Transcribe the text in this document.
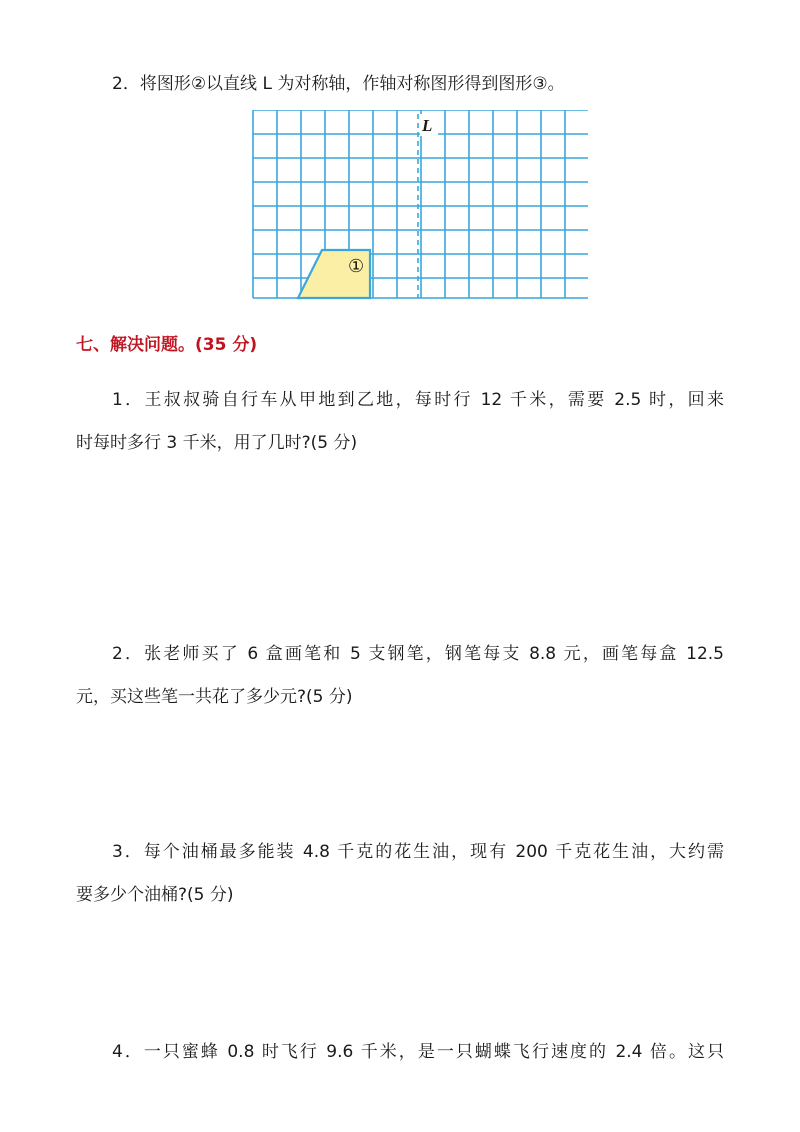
2．将图形②以直线 L 为对称轴，作轴对称图形得到图形③。
L
①
七、解决问题。(35 分)
1．王叔叔骑自行车从甲地到乙地，每时行 12 千米，需要 2.5 时，回来
时每时多行 3 千米，用了几时?(5 分)
2．张老师买了 6 盒画笔和 5 支钢笔，钢笔每支 8.8 元，画笔每盒 12.5
元，买这些笔一共花了多少元?(5 分)
3．每个油桶最多能装 4.8 千克的花生油，现有 200 千克花生油，大约需
要多少个油桶?(5 分)
4．一只蜜蜂 0.8 时飞行 9.6 千米，是一只蝴蝶飞行速度的 2.4 倍。这只
